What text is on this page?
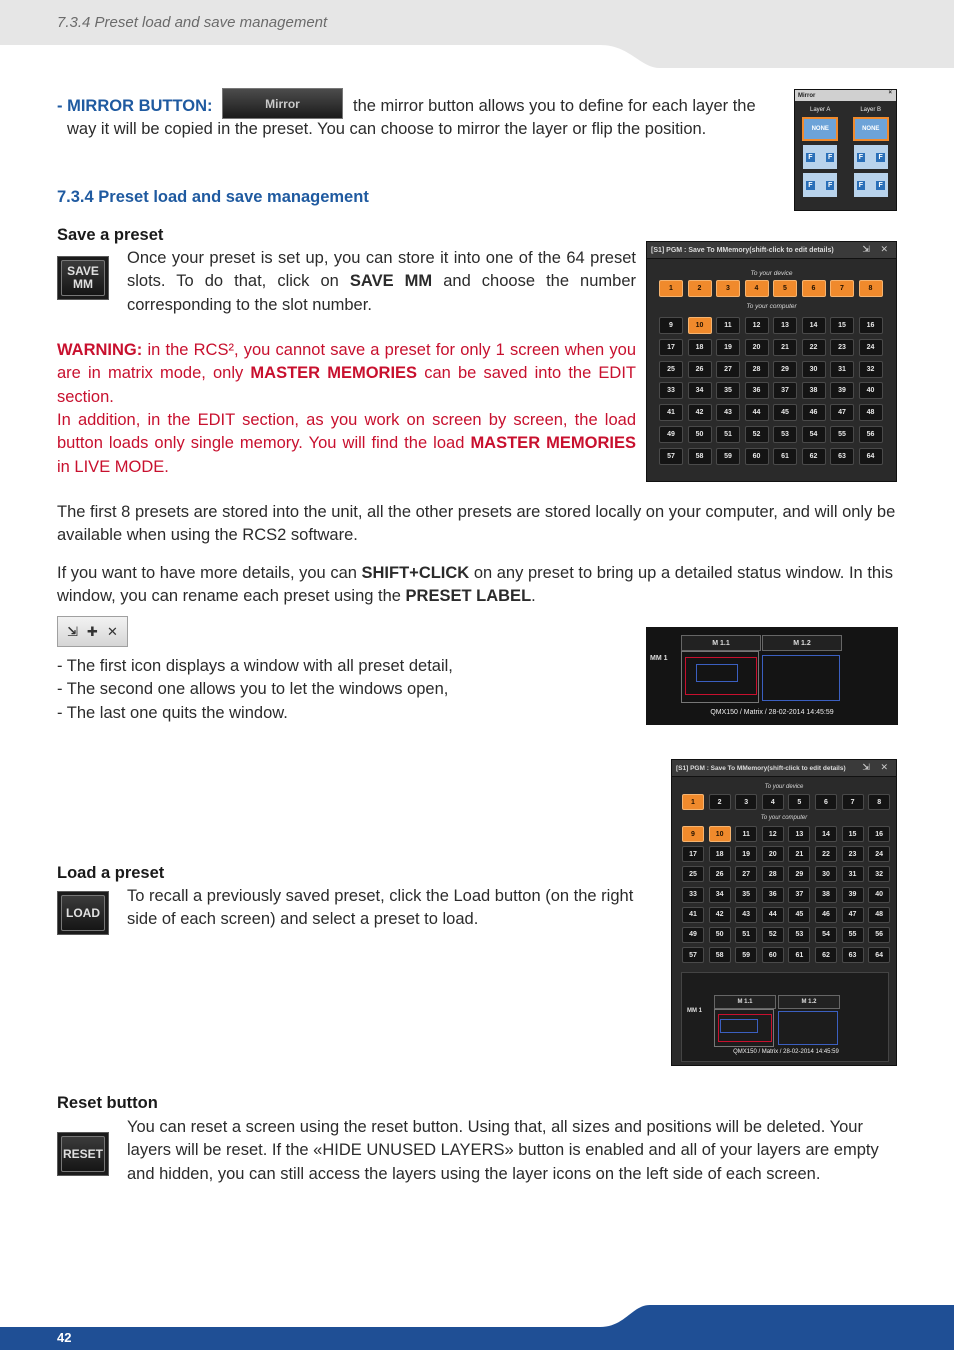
7.3.4 Preset load and save management
- MIRROR BUTTON:	Mirror	the mirror button allows you to define for each layer the
way it will be copied in the preset. You can choose to mirror the layer or flip the position.
Mirror	×
Layer A	Layer B
NONE	NONE
F F	F F
F F	F F
7.3.4 Preset load and save management
Save a preset
SAVE
MM
Once your preset is set up, you can store it into one of the 64 preset slots. To do that, click on SAVE MM and choose the number corresponding to the slot number.
WARNING: in the RCS², you cannot save a preset for only 1 screen when you are in matrix mode, only MASTER MEMORIES can be saved into the EDIT section.
In addition, in the EDIT section, as you work on screen by screen, the load button loads only single memory. You will find the load MASTER MEMORIES in LIVE MODE.
[S1] PGM : Save To MMemory(shift-click to edit details)	⇲ ✕
To your device
1	2	3	4	5	6	7	8
To your computer
9	10	11	12	13	14	15	16
17	18	19	20	21	22	23	24
25	26	27	28	29	30	31	32
33	34	35	36	37	38	39	40
41	42	43	44	45	46	47	48
49	50	51	52	53	54	55	56
57	58	59	60	61	62	63	64
The first 8 presets are stored into the unit, all the other presets are stored locally on your computer, and will only be available when using the RCS2 software.
If you want to have more details, you can SHIFT+CLICK on any preset to bring up a detailed status window. In this window, you can rename each preset using the PRESET LABEL.
⇲ ✚ ✕
- The first icon displays a window with all preset detail,
- The second one allows you to let the windows open,
- The last one quits the window.
M 1.1	M 1.2
MM 1
QMX150 / Matrix / 28-02-2014 14:45:59
[S1] PGM : Save To MMemory(shift-click to edit details) ⇲ ✕
To your device
1	2	3	4	5	6	7	8
To your computer
9	10	11	12	13	14	15	16
17	18	19	20	21	22	23	24
25	26	27	28	29	30	31	32
33	34	35	36	37	38	39	40
41	42	43	44	45	46	47	48
49	50	51	52	53	54	55	56
57	58	59	60	61	62	63	64
M 1.1	M 1.2
MM 1
QMX150 / Matrix / 28-02-2014 14:45:59
Load a preset
LOAD
To recall a previously saved preset, click the Load button (on the right side of each screen) and select a preset to load.
Reset button
RESET
You can reset a screen using the reset button. Using that, all sizes and positions will be deleted. Your layers will be reset. If the «HIDE UNUSED LAYERS» button is enabled and all of your layers are empty and hidden, you can still access the layers using the layer icons on the left side of each screen.
42
